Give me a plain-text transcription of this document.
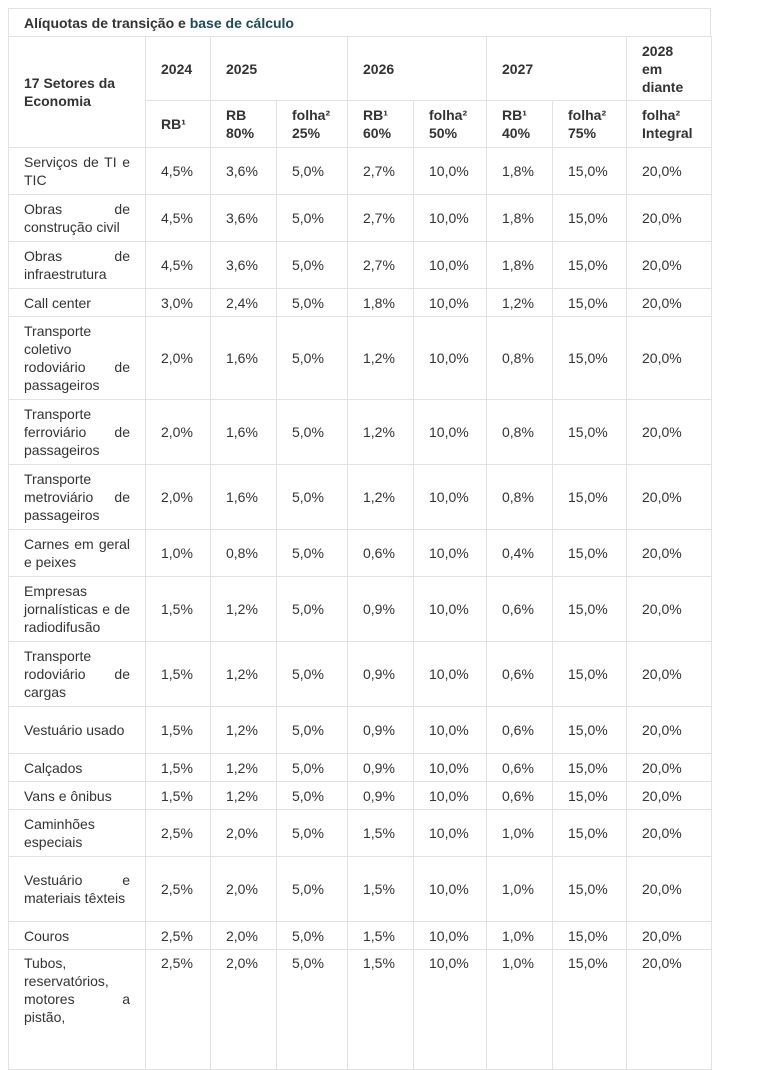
Alíquotas de transição e base de cálculo
17 Setores da Economia	2024	2025		2026		2027		2028 em diante
	RB¹	RB 80%	folha² 25%	RB¹ 60%	folha² 50%	RB¹ 40%	folha² 75%	folha² Integral
Serviços de TI e TIC	4,5%	3,6%	5,0%	2,7%	10,0%	1,8%	15,0%	20,0%
Obras de construção civil	4,5%	3,6%	5,0%	2,7%	10,0%	1,8%	15,0%	20,0%
Obras de infraestrutura	4,5%	3,6%	5,0%	2,7%	10,0%	1,8%	15,0%	20,0%
Call center	3,0%	2,4%	5,0%	1,8%	10,0%	1,2%	15,0%	20,0%
Transporte coletivo rodoviário de passageiros	2,0%	1,6%	5,0%	1,2%	10,0%	0,8%	15,0%	20,0%
Transporte ferroviário de passageiros	2,0%	1,6%	5,0%	1,2%	10,0%	0,8%	15,0%	20,0%
Transporte metroviário de passageiros	2,0%	1,6%	5,0%	1,2%	10,0%	0,8%	15,0%	20,0%
Carnes em geral e peixes	1,0%	0,8%	5,0%	0,6%	10,0%	0,4%	15,0%	20,0%
Empresas jornalísticas e de radiodifusão	1,5%	1,2%	5,0%	0,9%	10,0%	0,6%	15,0%	20,0%
Transporte rodoviário de cargas	1,5%	1,2%	5,0%	0,9%	10,0%	0,6%	15,0%	20,0%
Vestuário usado	1,5%	1,2%	5,0%	0,9%	10,0%	0,6%	15,0%	20,0%
Calçados	1,5%	1,2%	5,0%	0,9%	10,0%	0,6%	15,0%	20,0%
Vans e ônibus	1,5%	1,2%	5,0%	0,9%	10,0%	0,6%	15,0%	20,0%
Caminhões especiais	2,5%	2,0%	5,0%	1,5%	10,0%	1,0%	15,0%	20,0%
Vestuário e materiais têxteis	2,5%	2,0%	5,0%	1,5%	10,0%	1,0%	15,0%	20,0%
Couros	2,5%	2,0%	5,0%	1,5%	10,0%	1,0%	15,0%	20,0%
Tubos, reservatórios, motores a pistão,	2,5%	2,0%	5,0%	1,5%	10,0%	1,0%	15,0%	20,0%
